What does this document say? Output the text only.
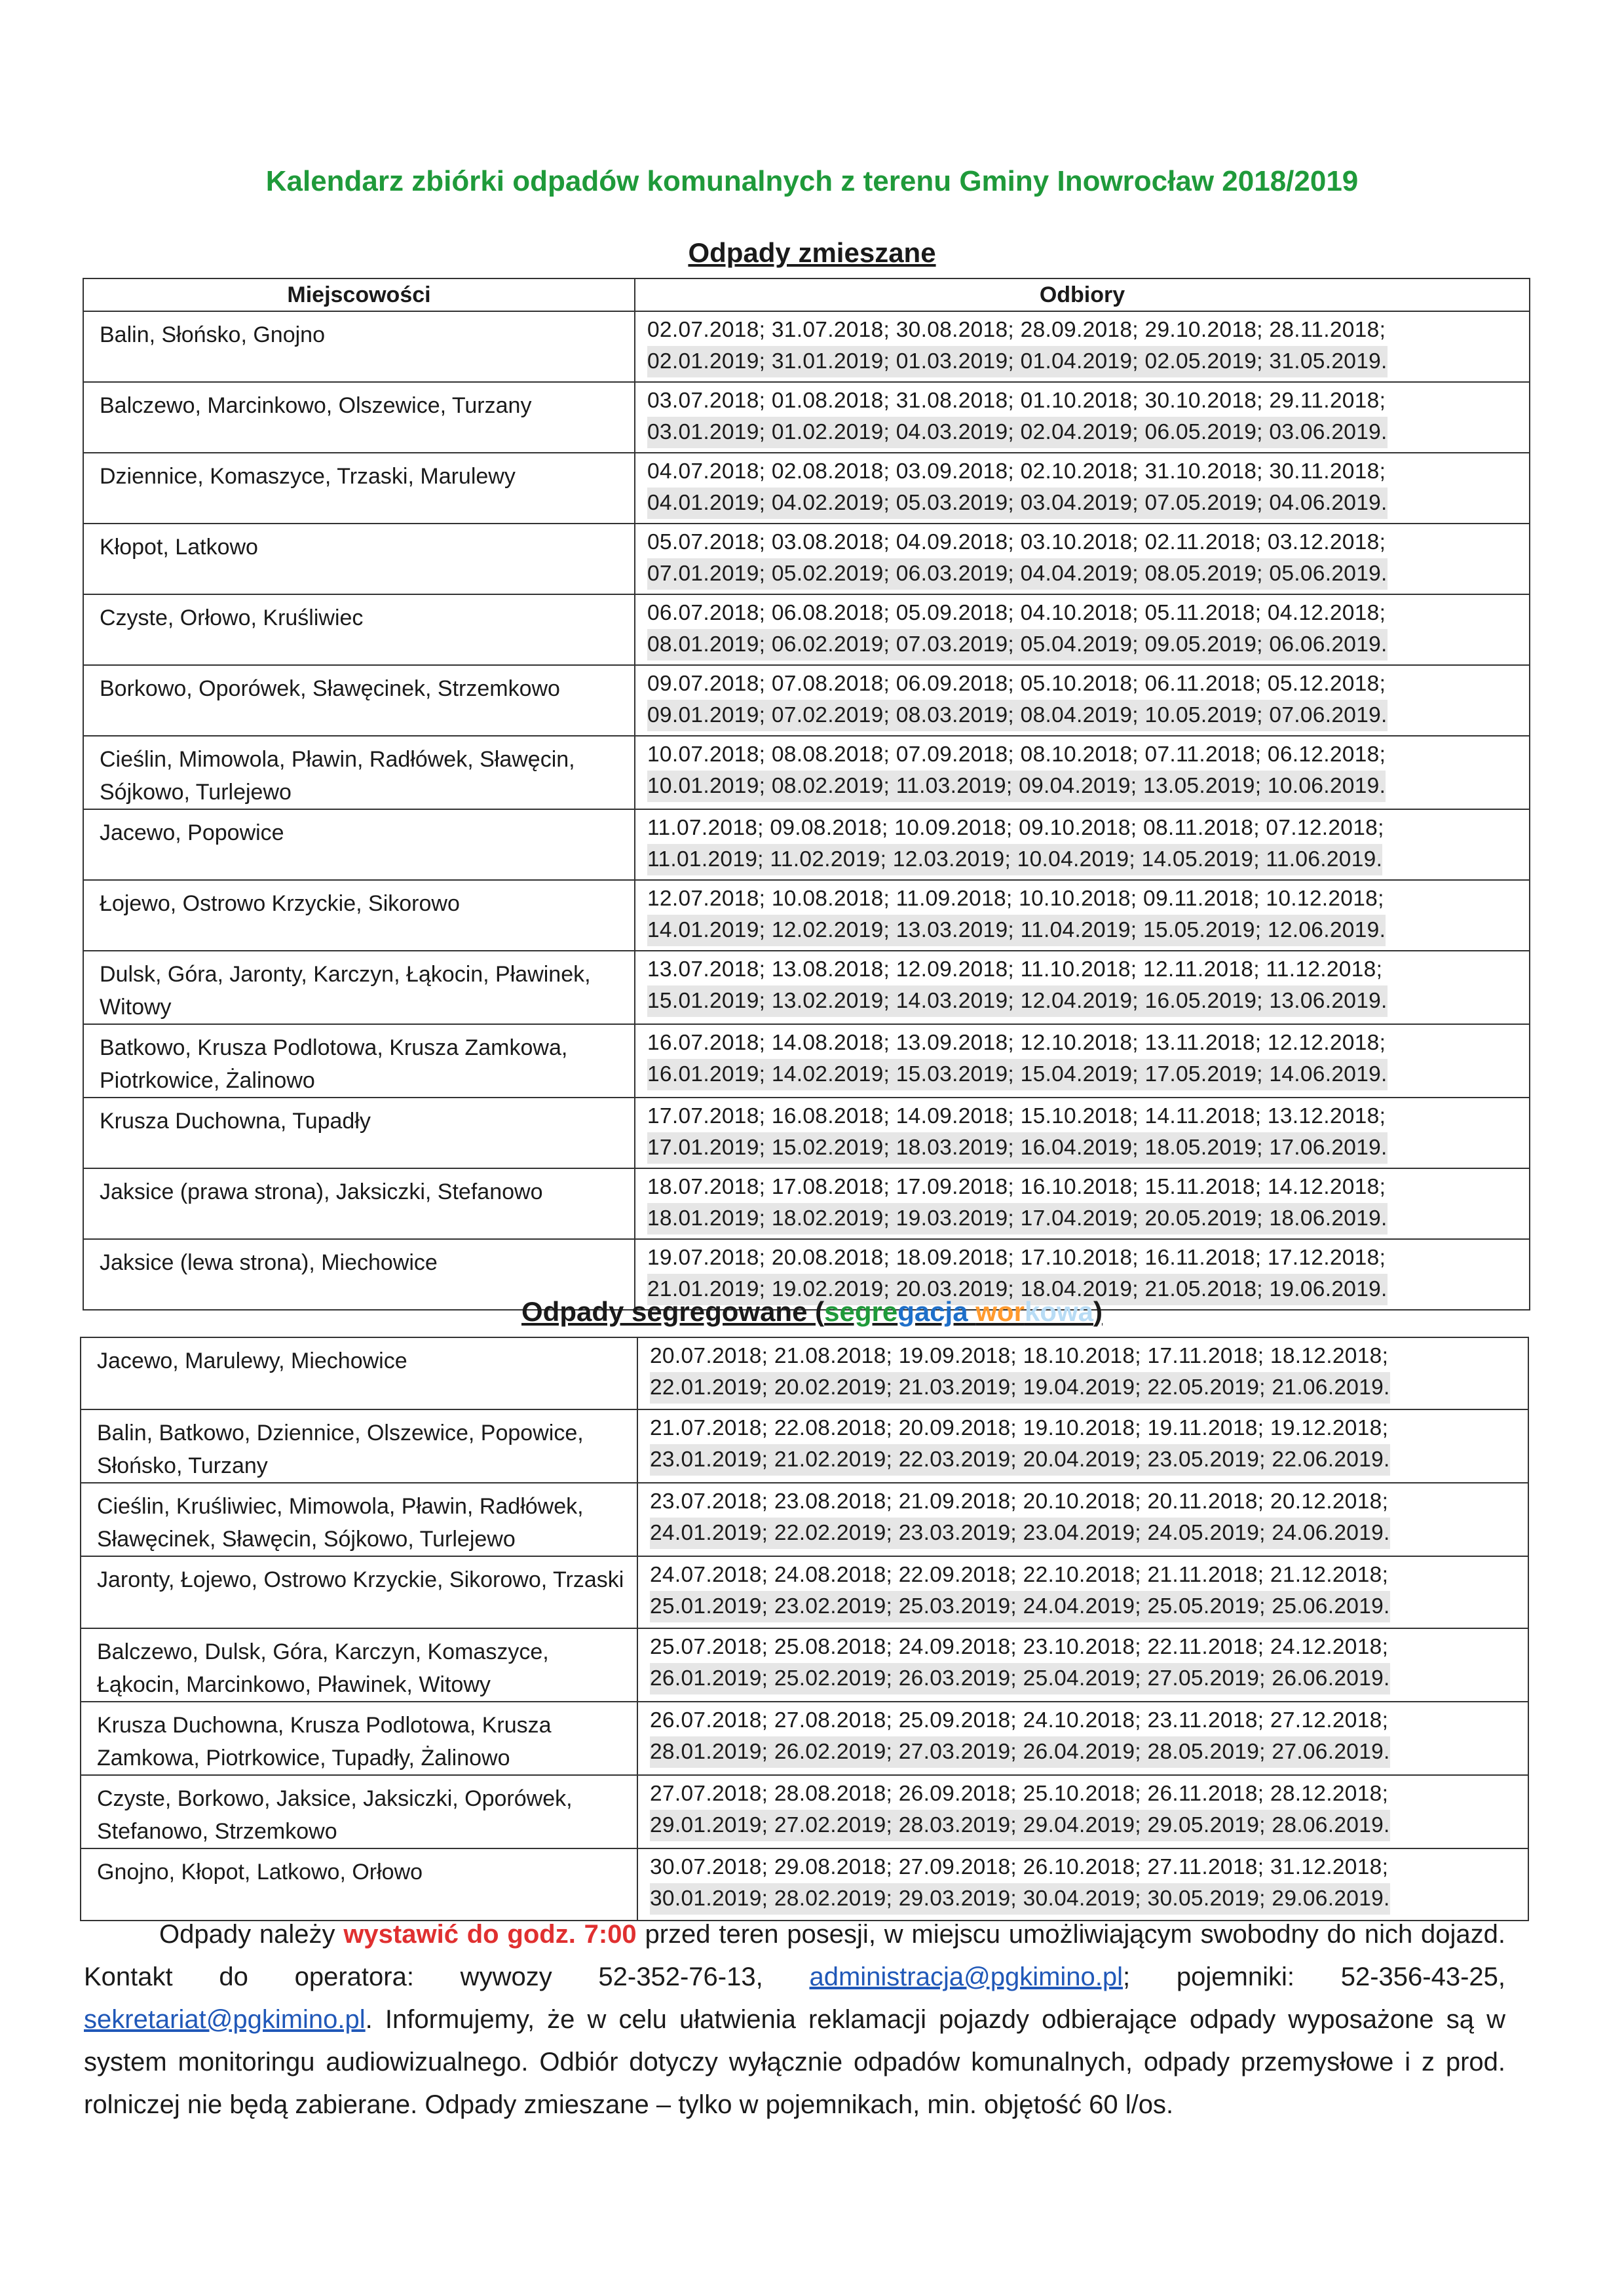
Kalendarz zbiórki odpadów komunalnych z terenu Gminy Inowrocław 2018/2019
Odpady zmieszane
Miejscowości	Odbiory
Balin, Słońsko, Gnojno	02.07.2018; 31.07.2018; 30.08.2018; 28.09.2018; 29.10.2018; 28.11.2018;
02.01.2019; 31.01.2019; 01.03.2019; 01.04.2019; 02.05.2019; 31.05.2019.
Balczewo, Marcinkowo, Olszewice, Turzany	03.07.2018; 01.08.2018; 31.08.2018; 01.10.2018; 30.10.2018; 29.11.2018;
03.01.2019; 01.02.2019; 04.03.2019; 02.04.2019; 06.05.2019; 03.06.2019.
Dziennice, Komaszyce, Trzaski, Marulewy	04.07.2018; 02.08.2018; 03.09.2018; 02.10.2018; 31.10.2018; 30.11.2018;
04.01.2019; 04.02.2019; 05.03.2019; 03.04.2019; 07.05.2019; 04.06.2019.
Kłopot, Latkowo	05.07.2018; 03.08.2018; 04.09.2018; 03.10.2018; 02.11.2018; 03.12.2018;
07.01.2019; 05.02.2019; 06.03.2019; 04.04.2019; 08.05.2019; 05.06.2019.
Czyste, Orłowo, Kruśliwiec	06.07.2018; 06.08.2018; 05.09.2018; 04.10.2018; 05.11.2018; 04.12.2018;
08.01.2019; 06.02.2019; 07.03.2019; 05.04.2019; 09.05.2019; 06.06.2019.
Borkowo, Oporówek, Sławęcinek, Strzemkowo	09.07.2018; 07.08.2018; 06.09.2018; 05.10.2018; 06.11.2018; 05.12.2018;
09.01.2019; 07.02.2019; 08.03.2019; 08.04.2019; 10.05.2019; 07.06.2019.
Cieślin, Mimowola, Pławin, Radłówek, Sławęcin, Sójkowo, Turlejewo	10.07.2018; 08.08.2018; 07.09.2018; 08.10.2018; 07.11.2018; 06.12.2018;
10.01.2019; 08.02.2019; 11.03.2019; 09.04.2019; 13.05.2019; 10.06.2019.
Jacewo, Popowice	11.07.2018; 09.08.2018; 10.09.2018; 09.10.2018; 08.11.2018; 07.12.2018;
11.01.2019; 11.02.2019; 12.03.2019; 10.04.2019; 14.05.2019; 11.06.2019.
Łojewo, Ostrowo Krzyckie, Sikorowo	12.07.2018; 10.08.2018; 11.09.2018; 10.10.2018; 09.11.2018; 10.12.2018;
14.01.2019; 12.02.2019; 13.03.2019; 11.04.2019; 15.05.2019; 12.06.2019.
Dulsk, Góra, Jaronty, Karczyn, Łąkocin, Pławinek, Witowy	13.07.2018; 13.08.2018; 12.09.2018; 11.10.2018; 12.11.2018; 11.12.2018;
15.01.2019; 13.02.2019; 14.03.2019; 12.04.2019; 16.05.2019; 13.06.2019.
Batkowo, Krusza Podlotowa, Krusza Zamkowa, Piotrkowice, Żalinowo	16.07.2018; 14.08.2018; 13.09.2018; 12.10.2018; 13.11.2018; 12.12.2018;
16.01.2019; 14.02.2019; 15.03.2019; 15.04.2019; 17.05.2019; 14.06.2019.
Krusza Duchowna, Tupadły	17.07.2018; 16.08.2018; 14.09.2018; 15.10.2018; 14.11.2018; 13.12.2018;
17.01.2019; 15.02.2019; 18.03.2019; 16.04.2019; 18.05.2019; 17.06.2019.
Jaksice (prawa strona), Jaksiczki, Stefanowo	18.07.2018; 17.08.2018; 17.09.2018; 16.10.2018; 15.11.2018; 14.12.2018;
18.01.2019; 18.02.2019; 19.03.2019; 17.04.2019; 20.05.2019; 18.06.2019.
Jaksice (lewa strona), Miechowice	19.07.2018; 20.08.2018; 18.09.2018; 17.10.2018; 16.11.2018; 17.12.2018;
21.01.2019; 19.02.2019; 20.03.2019; 18.04.2019; 21.05.2018; 19.06.2019.
Odpady segregowane (segregacja workowa)
Jacewo, Marulewy, Miechowice	20.07.2018; 21.08.2018; 19.09.2018; 18.10.2018; 17.11.2018; 18.12.2018;
22.01.2019; 20.02.2019; 21.03.2019; 19.04.2019; 22.05.2019; 21.06.2019.
Balin, Batkowo, Dziennice, Olszewice, Popowice, Słońsko, Turzany	21.07.2018; 22.08.2018; 20.09.2018; 19.10.2018; 19.11.2018; 19.12.2018;
23.01.2019; 21.02.2019; 22.03.2019; 20.04.2019; 23.05.2019; 22.06.2019.
Cieślin, Kruśliwiec, Mimowola, Pławin, Radłówek, Sławęcinek, Sławęcin, Sójkowo, Turlejewo	23.07.2018; 23.08.2018; 21.09.2018; 20.10.2018; 20.11.2018; 20.12.2018;
24.01.2019; 22.02.2019; 23.03.2019; 23.04.2019; 24.05.2019; 24.06.2019.
Jaronty, Łojewo, Ostrowo Krzyckie, Sikorowo, Trzaski	24.07.2018; 24.08.2018; 22.09.2018; 22.10.2018; 21.11.2018; 21.12.2018;
25.01.2019; 23.02.2019; 25.03.2019; 24.04.2019; 25.05.2019; 25.06.2019.
Balczewo, Dulsk, Góra, Karczyn, Komaszyce, Łąkocin, Marcinkowo, Pławinek, Witowy	25.07.2018; 25.08.2018; 24.09.2018; 23.10.2018; 22.11.2018; 24.12.2018;
26.01.2019; 25.02.2019; 26.03.2019; 25.04.2019; 27.05.2019; 26.06.2019.
Krusza Duchowna, Krusza Podlotowa, Krusza Zamkowa, Piotrkowice, Tupadły, Żalinowo	26.07.2018; 27.08.2018; 25.09.2018; 24.10.2018; 23.11.2018; 27.12.2018;
28.01.2019; 26.02.2019; 27.03.2019; 26.04.2019; 28.05.2019; 27.06.2019.
Czyste, Borkowo, Jaksice, Jaksiczki, Oporówek, Stefanowo, Strzemkowo	27.07.2018; 28.08.2018; 26.09.2018; 25.10.2018; 26.11.2018; 28.12.2018;
29.01.2019; 27.02.2019; 28.03.2019; 29.04.2019; 29.05.2019; 28.06.2019.
Gnojno, Kłopot, Latkowo, Orłowo	30.07.2018; 29.08.2018; 27.09.2018; 26.10.2018; 27.11.2018; 31.12.2018;
30.01.2019; 28.02.2019; 29.03.2019; 30.04.2019; 30.05.2019; 29.06.2019.
Odpady należy wystawić do godz. 7:00 przed teren posesji, w miejscu umożliwiającym swobodny do nich dojazd. Kontakt do operatora: wywozy 52-352-76-13, administracja@pgkimino.pl; pojemniki: 52-356-43-25, sekretariat@pgkimino.pl. Informujemy, że w celu ułatwienia reklamacji pojazdy odbierające odpady wyposażone są w system monitoringu audiowizualnego. Odbiór dotyczy wyłącznie odpadów komunalnych, odpady przemysłowe i z prod. rolniczej nie będą zabierane. Odpady zmieszane – tylko w pojemnikach, min. objętość 60 l/os.
